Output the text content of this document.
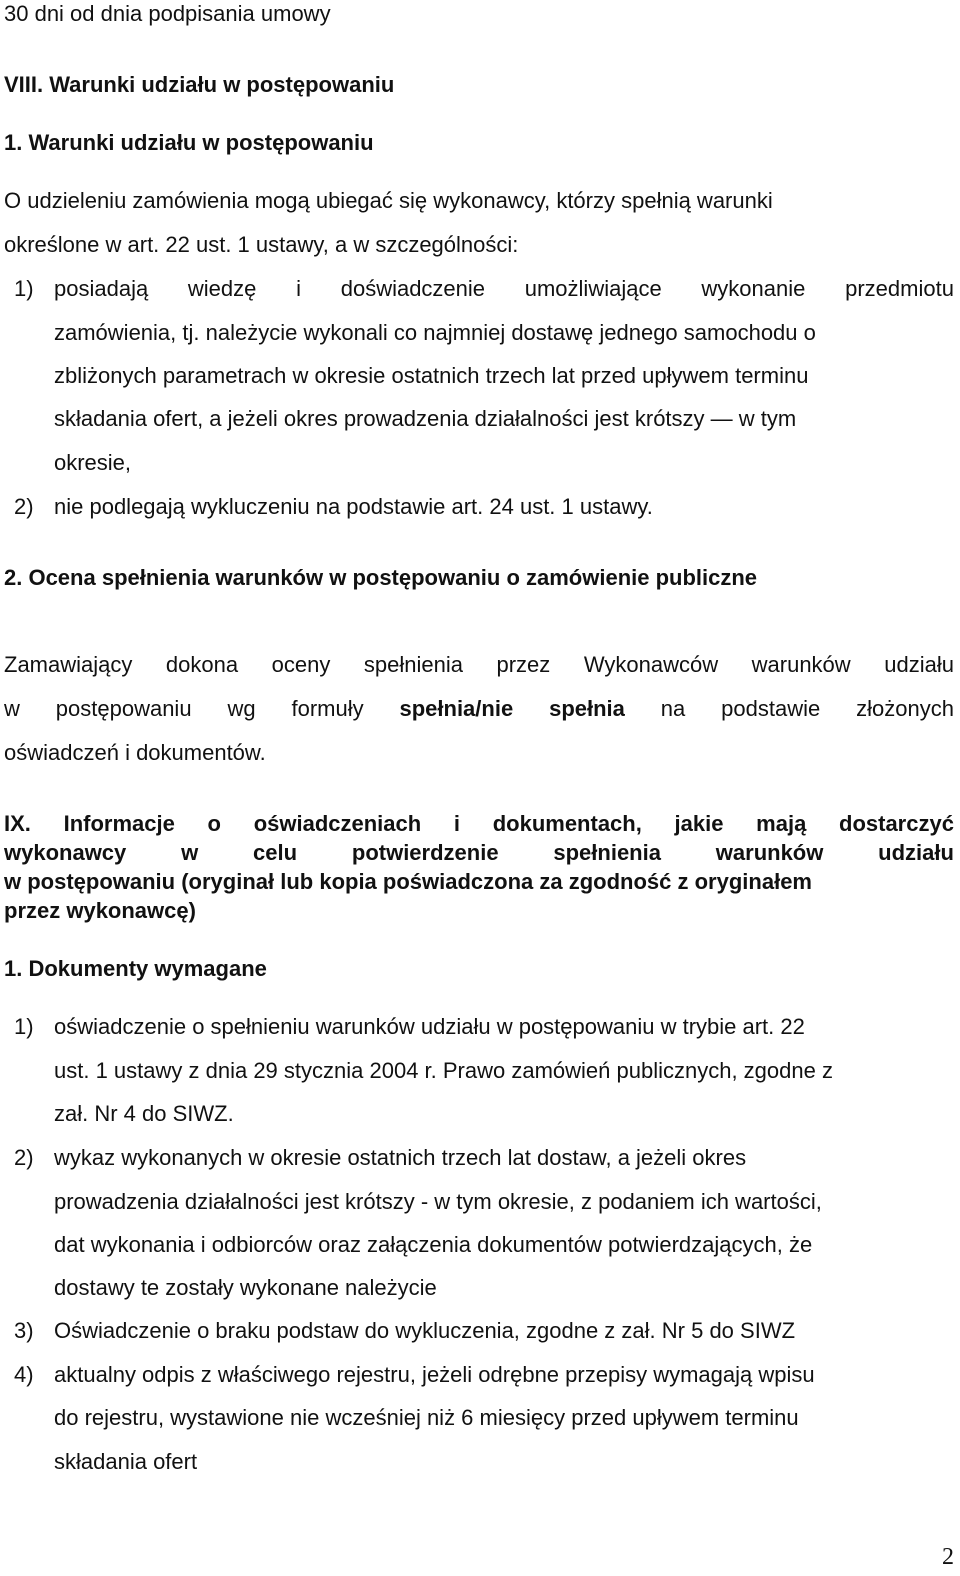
30 dni od dnia podpisania umowy
VIII. Warunki udziału w postępowaniu
1. Warunki udziału w postępowaniu
O udzieleniu zamówienia mogą ubiegać się wykonawcy, którzy spełnią warunki
określone w art. 22 ust. 1 ustawy, a w szczególności:
1) posiadają wiedzę i doświadczenie umożliwiające wykonanie przedmiotu
zamówienia, tj. należycie wykonali co najmniej dostawę jednego samochodu o
zbliżonych parametrach w okresie ostatnich trzech lat przed upływem terminu
składania ofert, a jeżeli okres prowadzenia działalności jest krótszy — w tym
okresie,
2) nie podlegają wykluczeniu na podstawie art. 24 ust. 1 ustawy.
2. Ocena spełnienia warunków w postępowaniu o zamówienie publiczne
Zamawiający dokona oceny spełnienia przez Wykonawców warunków udziału
w postępowaniu wg formuły spełnia/nie spełnia na podstawie złożonych
oświadczeń i dokumentów.
IX. Informacje o oświadczeniach i dokumentach, jakie mają dostarczyć
wykonawcy w celu potwierdzenie spełnienia warunków udziału
w postępowaniu (oryginał lub kopia poświadczona za zgodność z oryginałem
przez wykonawcę)
1. Dokumenty wymagane
1) oświadczenie o spełnieniu warunków udziału w postępowaniu w trybie art. 22
ust. 1 ustawy z dnia 29 stycznia 2004 r. Prawo zamówień publicznych, zgodne z
zał. Nr 4 do SIWZ.
2) wykaz wykonanych w okresie ostatnich trzech lat dostaw, a jeżeli okres
prowadzenia działalności jest krótszy - w tym okresie, z podaniem ich wartości,
dat wykonania i odbiorców oraz załączenia dokumentów potwierdzających, że
dostawy te zostały wykonane należycie
3) Oświadczenie o braku podstaw do wykluczenia, zgodne z zał. Nr 5 do SIWZ
4) aktualny odpis z właściwego rejestru, jeżeli odrębne przepisy wymagają wpisu
do rejestru, wystawione nie wcześniej niż 6 miesięcy przed upływem terminu
składania ofert
2
